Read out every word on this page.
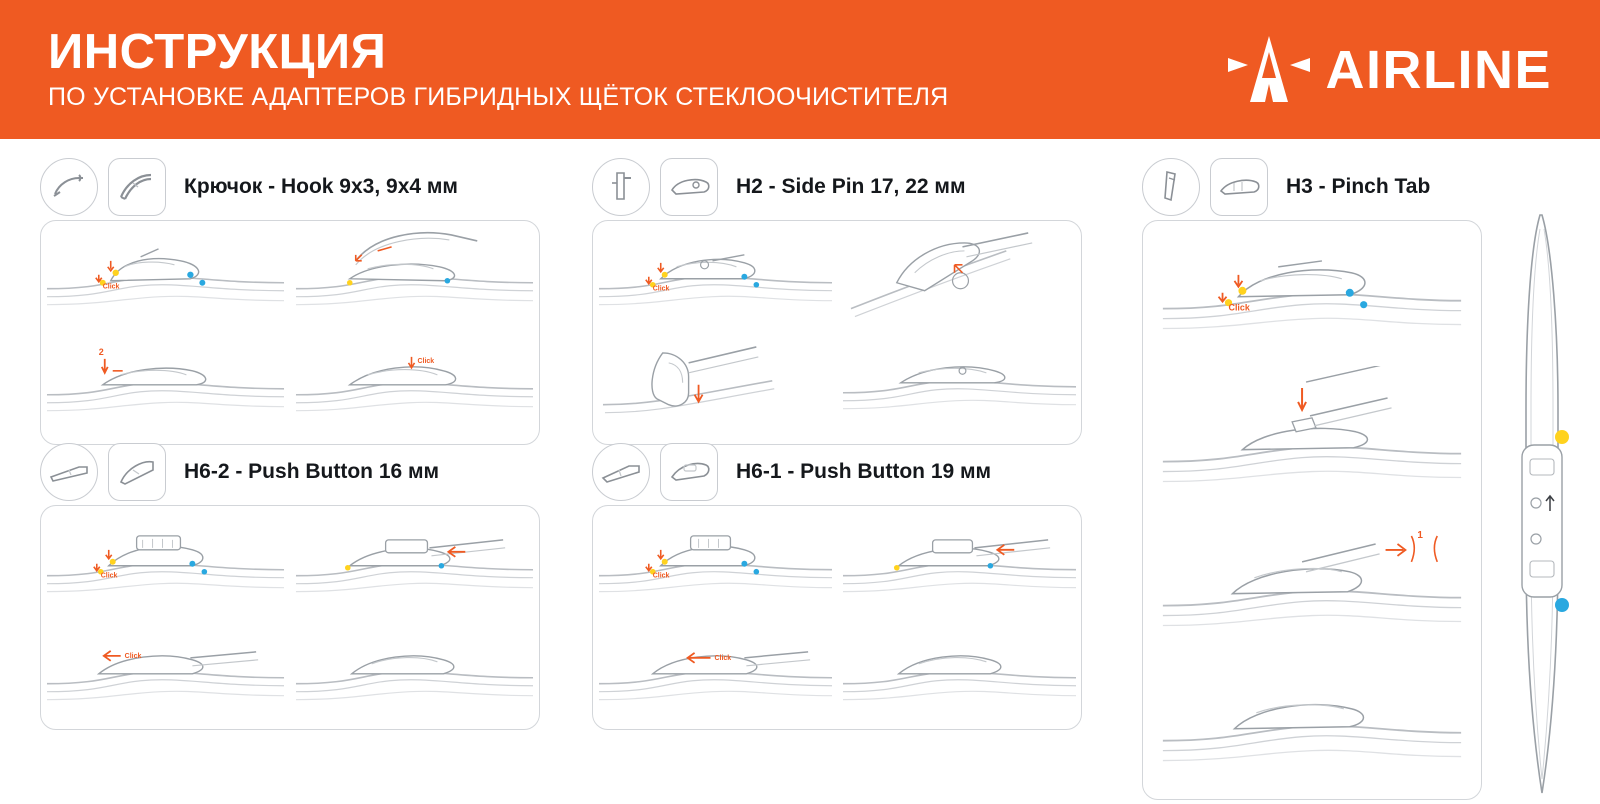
ИНСТРУКЦИЯ
ПО УСТАНОВКЕ АДАПТЕРОВ ГИБРИДНЫХ ЩЁТОК СТЕКЛООЧИСТИТЕЛЯ	AIRLINE
Крючок - Hook 9x3, 9x4 мм
Click
2
Click
H2 - Side Pin 17, 22 мм
Click
H3 - Pinch Tab
Click
1
H6-2 - Push Button 16 мм
Click
Click
H6-1 - Push Button 19 мм
Click
Click
